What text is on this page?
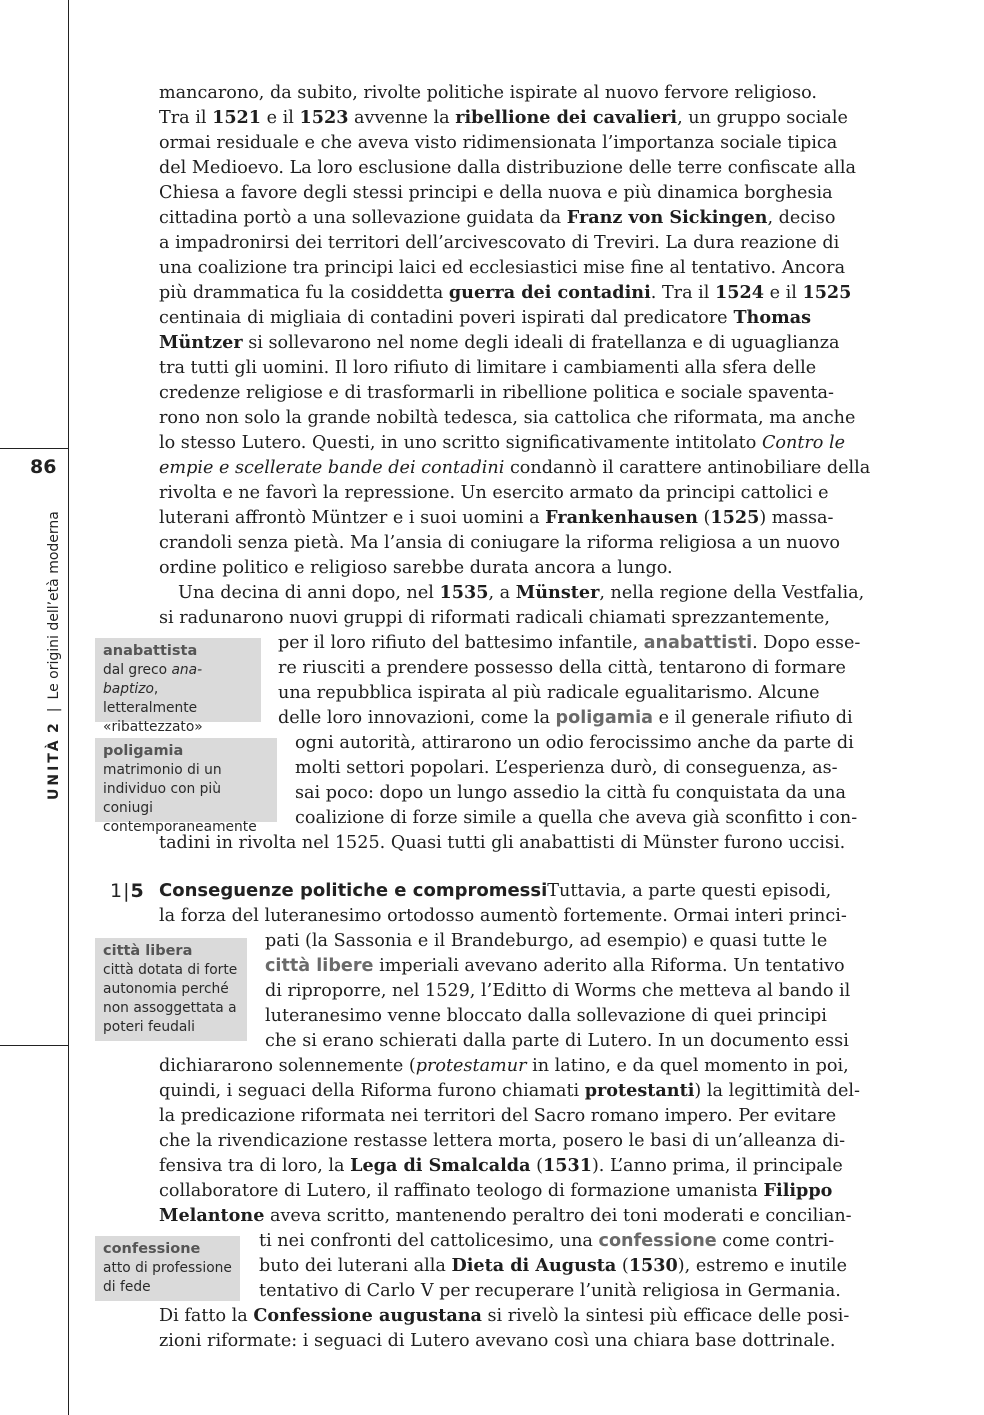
86
UNITÀ 2|Le origini dell’età moderna	anabattista
dal greco ana-baptizo,
letteralmente
«ribattezzato»
poligamia
matrimonio di un
individuo con più coniugi
contemporaneamente
città libera
città dotata di forte
autonomia perché
non assoggettata a
poteri feudali
confessione
atto di professione
di fede
1|5
mancarono, da subito, rivolte politiche ispirate al nuovo fervore religioso.
Tra il 1521 e il 1523 avvenne la ribellione dei cavalieri, un gruppo sociale
ormai residuale e che aveva visto ridimensionata l’importanza sociale tipica
del Medioevo. La loro esclusione dalla distribuzione delle terre confiscate alla
Chiesa a favore degli stessi principi e della nuova e più dinamica borghesia
cittadina portò a una sollevazione guidata da Franz von Sickingen, deciso
a impadronirsi dei territori dell’arcivescovato di Treviri. La dura reazione di
una coalizione tra principi laici ed ecclesiastici mise fine al tentativo. Ancora
più drammatica fu la cosiddetta guerra dei contadini. Tra il 1524 e il 1525
centinaia di migliaia di contadini poveri ispirati dal predicatore Thomas
Müntzer si sollevarono nel nome degli ideali di fratellanza e di uguaglianza
tra tutti gli uomini. Il loro rifiuto di limitare i cambiamenti alla sfera delle
credenze religiose e di trasformarli in ribellione politica e sociale spaventa-
rono non solo la grande nobiltà tedesca, sia cattolica che riformata, ma anche
lo stesso Lutero. Questi, in uno scritto significativamente intitolato Contro le
empie e scellerate bande dei contadini condannò il carattere antinobiliare della
rivolta e ne favorì la repressione. Un esercito armato da principi cattolici e
luterani affrontò Müntzer e i suoi uomini a Frankenhausen (1525) massa-
crandoli senza pietà. Ma l’ansia di coniugare la riforma religiosa a un nuovo
ordine politico e religioso sarebbe durata ancora a lungo.
Una decina di anni dopo, nel 1535, a Münster, nella regione della Vestfalia,
si radunarono nuovi gruppi di riformati radicali chiamati sprezzantemente,
per il loro rifiuto del battesimo infantile, anabattisti. Dopo esse-
re riusciti a prendere possesso della città, tentarono di formare
una repubblica ispirata al più radicale egualitarismo. Alcune
delle loro innovazioni, come la poligamia e il generale rifiuto di
ogni autorità, attirarono un odio ferocissimo anche da parte di
molti settori popolari. L’esperienza durò, di conseguenza, as-
sai poco: dopo un lungo assedio la città fu conquistata da una
coalizione di forze simile a quella che aveva già sconfitto i con-
tadini in rivolta nel 1525. Quasi tutti gli anabattisti di Münster furono uccisi.
Conseguenze politiche e compromessi Tuttavia, a parte questi episodi,
la forza del luteranesimo ortodosso aumentò fortemente. Ormai interi princi-
pati (la Sassonia e il Brandeburgo, ad esempio) e quasi tutte le
città libere imperiali avevano aderito alla Riforma. Un tentativo
di riproporre, nel 1529, l’Editto di Worms che metteva al bando il
luteranesimo venne bloccato dalla sollevazione di quei principi
che si erano schierati dalla parte di Lutero. In un documento essi
dichiararono solennemente (protestamur in latino, e da quel momento in poi,
quindi, i seguaci della Riforma furono chiamati protestanti) la legittimità del-
la predicazione riformata nei territori del Sacro romano impero. Per evitare
che la rivendicazione restasse lettera morta, posero le basi di un’alleanza di-
fensiva tra di loro, la Lega di Smalcalda (1531). L’anno prima, il principale
collaboratore di Lutero, il raffinato teologo di formazione umanista Filippo
Melantone aveva scritto, mantenendo peraltro dei toni moderati e concilian-
ti nei confronti del cattolicesimo, una confessione come contri-
buto dei luterani alla Dieta di Augusta (1530), estremo e inutile
tentativo di Carlo V per recuperare l’unità religiosa in Germania.
Di fatto la Confessione augustana si rivelò la sintesi più efficace delle posi-
zioni riformate: i seguaci di Lutero avevano così una chiara base dottrinale.
